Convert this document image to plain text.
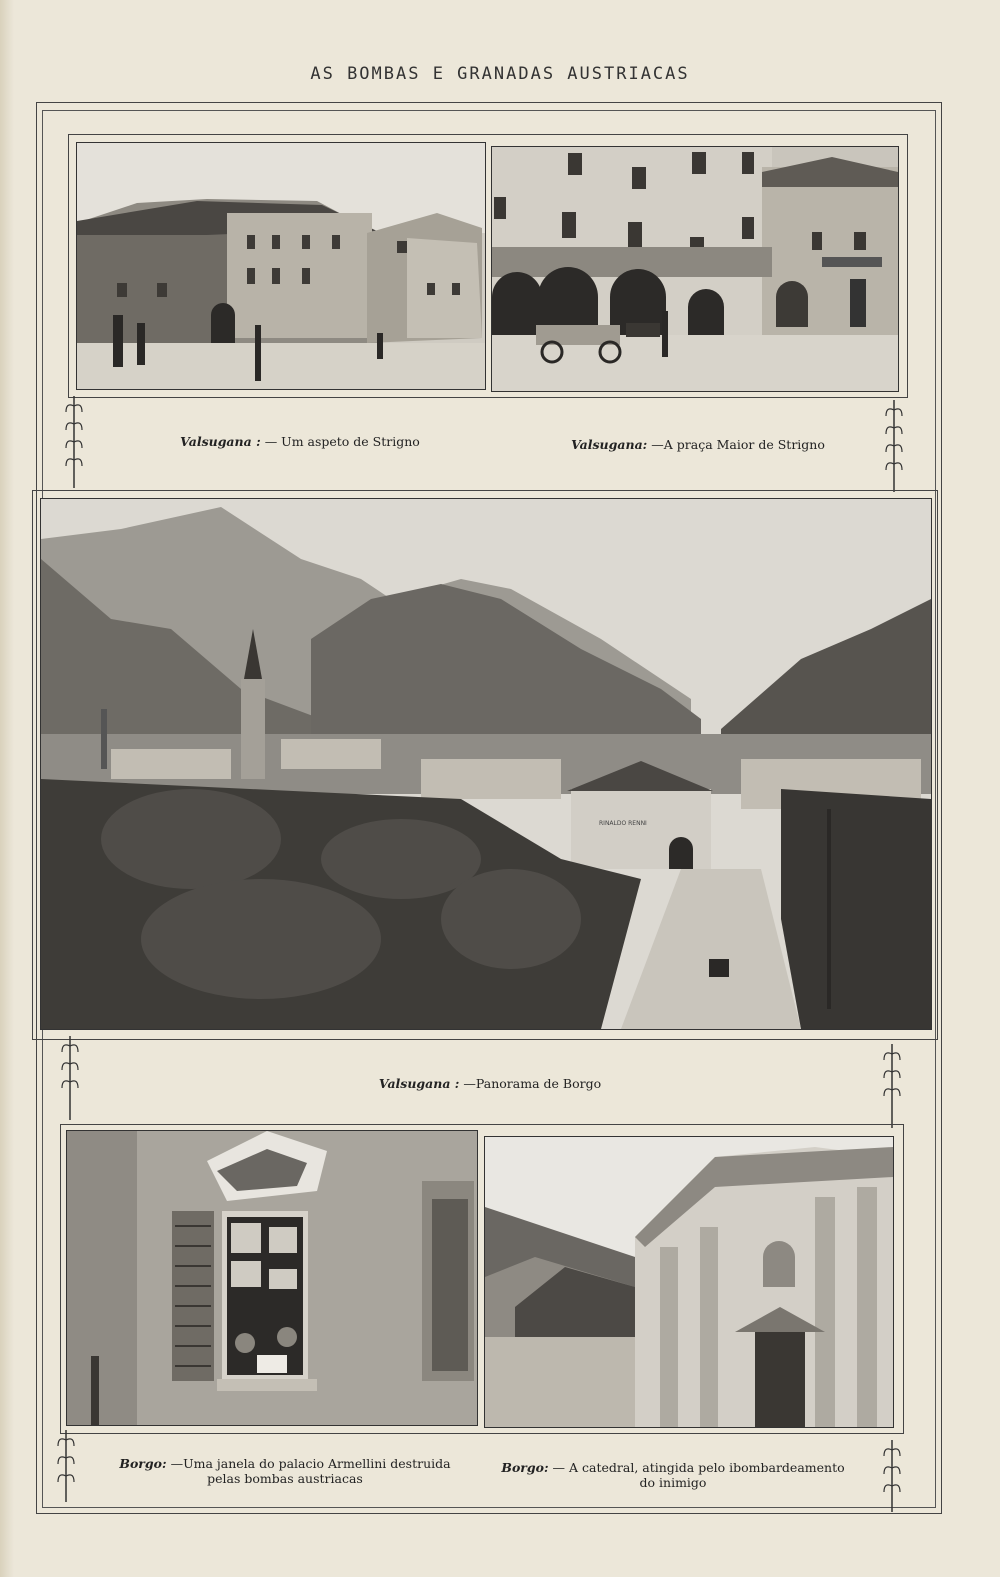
AS BOMBAS E GRANADAS AUSTRIACAS
Valsugana : — Um aspeto de Strigno	Valsugana: —A praça Maior de Strigno
RINALDO RENNI
Valsugana : —Panorama de Borgo
Borgo: —Uma janela do palacio Armellini destruida
pelas bombas austriacas
Borgo: — A catedral, atingida pelo ibombardeamento
do inimigo
